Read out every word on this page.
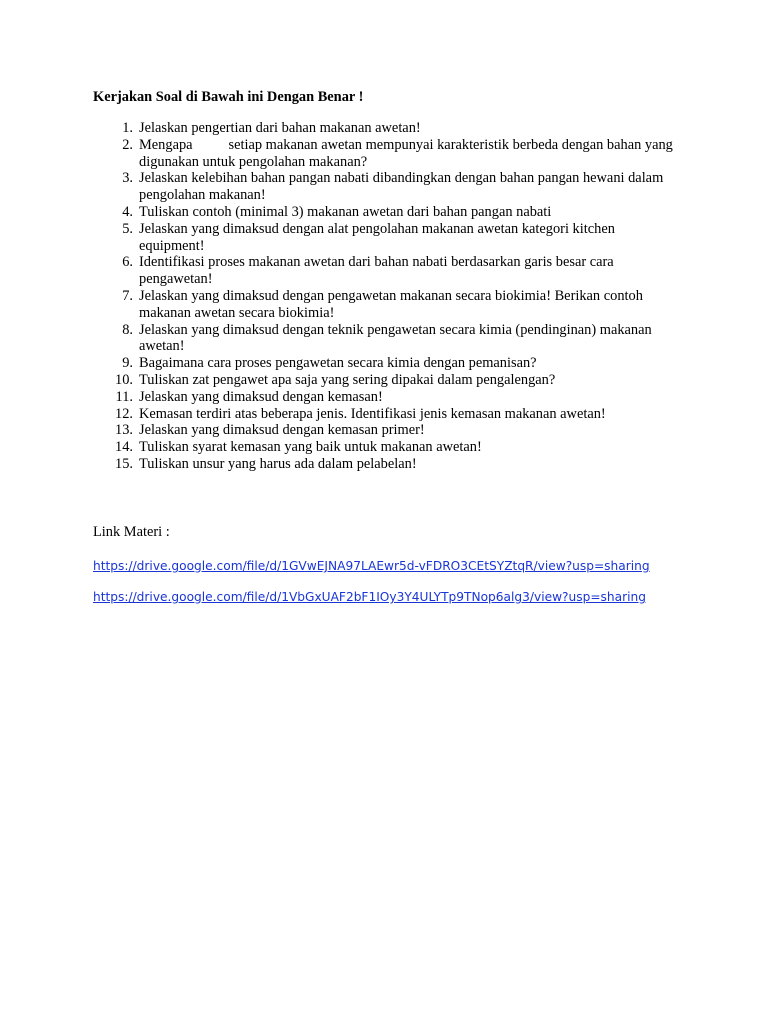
Kerjakan Soal di Bawah ini Dengan Benar !

1. Jelaskan pengertian dari bahan makanan awetan!
2. Mengapa          setiap makanan awetan mempunyai karakteristik berbeda dengan bahan yang digunakan untuk pengolahan makanan?
3. Jelaskan kelebihan bahan pangan nabati dibandingkan dengan bahan pangan hewani dalam pengolahan makanan!
4. Tuliskan contoh (minimal 3) makanan awetan dari bahan pangan nabati
5. Jelaskan yang dimaksud dengan alat pengolahan makanan awetan kategori kitchen equipment!
6. Identifikasi proses makanan awetan dari bahan nabati berdasarkan garis besar cara pengawetan!
7. Jelaskan yang dimaksud dengan pengawetan makanan secara biokimia! Berikan contoh makanan awetan secara biokimia!
8. Jelaskan yang dimaksud dengan teknik pengawetan secara kimia (pendinginan) makanan awetan!
9. Bagaimana cara proses pengawetan secara kimia dengan pemanisan?
10. Tuliskan zat pengawet apa saja yang sering dipakai dalam pengalengan?
11. Jelaskan yang dimaksud dengan kemasan!
12. Kemasan terdiri atas beberapa jenis. Identifikasi jenis kemasan makanan awetan!
13. Jelaskan yang dimaksud dengan kemasan primer!
14. Tuliskan syarat kemasan yang baik untuk makanan awetan!
15. Tuliskan unsur yang harus ada dalam pelabelan!
Link Materi :
https://drive.google.com/file/d/1GVwEJNA97LAEwr5d-vFDRO3CEtSYZtqR/view?usp=sharing
https://drive.google.com/file/d/1VbGxUAF2bF1IOy3Y4ULYTp9TNop6alg3/view?usp=sharing
